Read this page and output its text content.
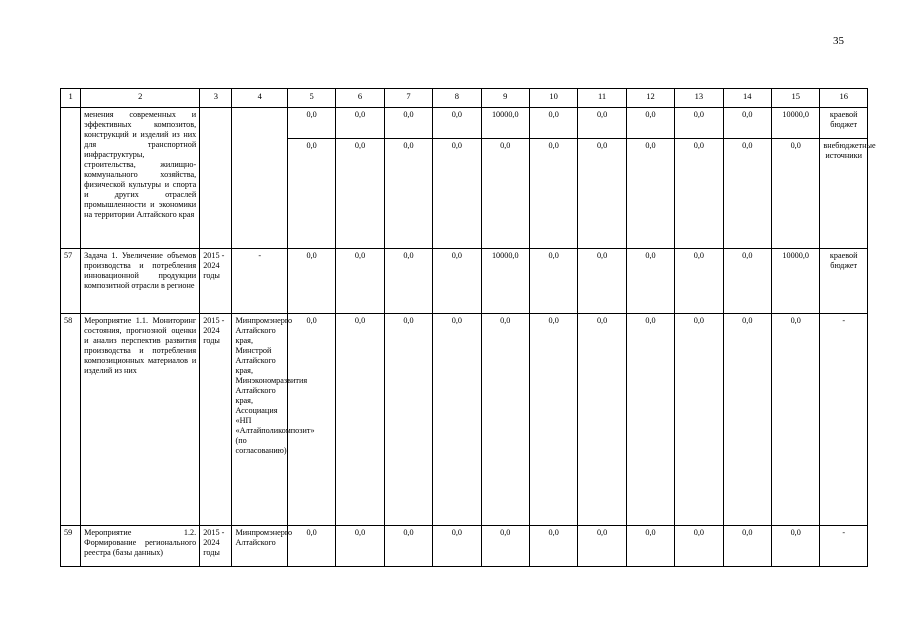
35
1	2	3	4	5	6	7	8	9	10	11	12	13	14	15	16
	менения современных и эффективных композитов, конструкций и изделий из них для транспортной инфраструктуры, строительства, жилищно-коммунального хозяйства, физической культуры и спорта и других отраслей промышленности и экономики на территории Алтайского края			0,0	0,0	0,0	0,0	10000,0	0,0	0,0	0,0	0,0	0,0	10000,0	краевой бюджет
				0,0	0,0	0,0	0,0	0,0	0,0	0,0	0,0	0,0	0,0	0,0	внебюджетные источники
57	Задача 1. Увеличение объемов производства и потребления инновационной продукции композитной отрасли в регионе	2015 - 2024 годы	-	0,0	0,0	0,0	0,0	10000,0	0,0	0,0	0,0	0,0	0,0	10000,0	краевой бюджет
58	Мероприятие 1.1. Мониторинг состояния, прогнозной оценки и анализ перспектив развития производства и потребления композиционных материалов и изделий из них	2015 - 2024 годы	Минпромэнерго Алтайского края, Минстрой Алтайского края, Минэкономразвития Алтайского края, Ассоциация «НП «Алтайполикомпозит» (по согласованию)	0,0	0,0	0,0	0,0	0,0	0,0	0,0	0,0	0,0	0,0	0,0	-
59	Мероприятие 1.2. Формирование регионального реестра (базы данных)	2015 - 2024 годы	Минпромэнерго Алтайского	0,0	0,0	0,0	0,0	0,0	0,0	0,0	0,0	0,0	0,0	0,0	-
